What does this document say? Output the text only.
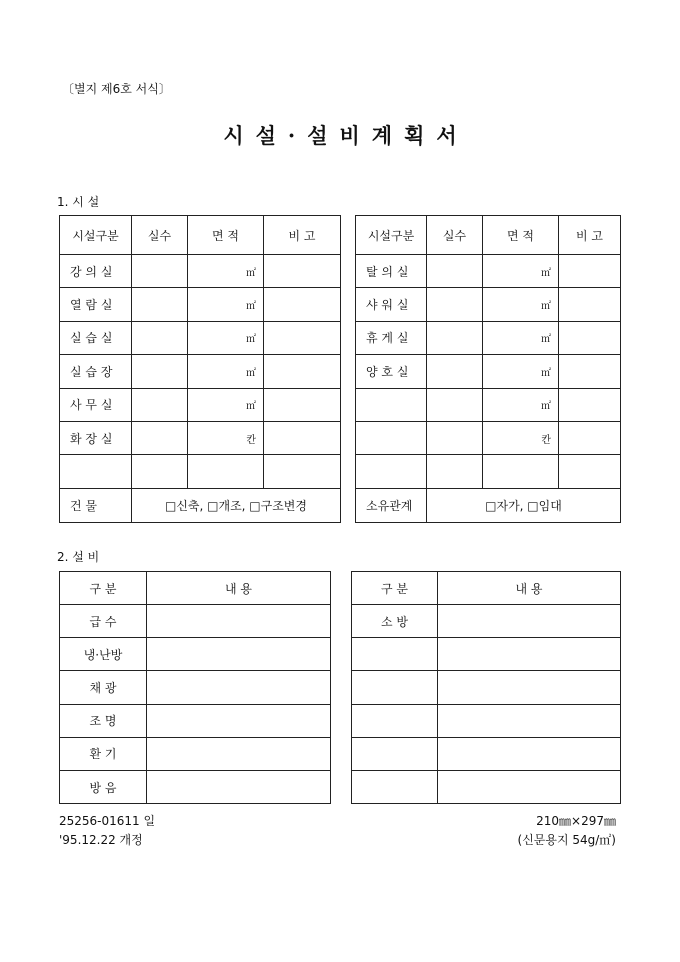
〔별지 제6호 서식〕
시설·설비계획서
1. 시 설
시설구분	실수	면 적	비 고
강 의 실		㎡	
열 람 실		㎡	
실 습 실		㎡	
실 습 장		㎡	
사 무 실		㎡	
화 장 실		칸	

건 물	□신축, □개조, □구조변경		
시설구분	실수	면 적	비 고
탈 의 실		㎡	
샤 워 실		㎡	
휴 게 실		㎡	
양 호 실		㎡	
		㎡	
		칸	

소유관계	□자가, □임대		
2. 설 비
구 분	내 용
급 수	
냉·난방	
채 광	
조 명	
환 기	
방 음	
구 분	내 용
소 방	

25256-01611 일
'95.12.22 개정
210㎜×297㎜
(신문용지 54g/㎡)
